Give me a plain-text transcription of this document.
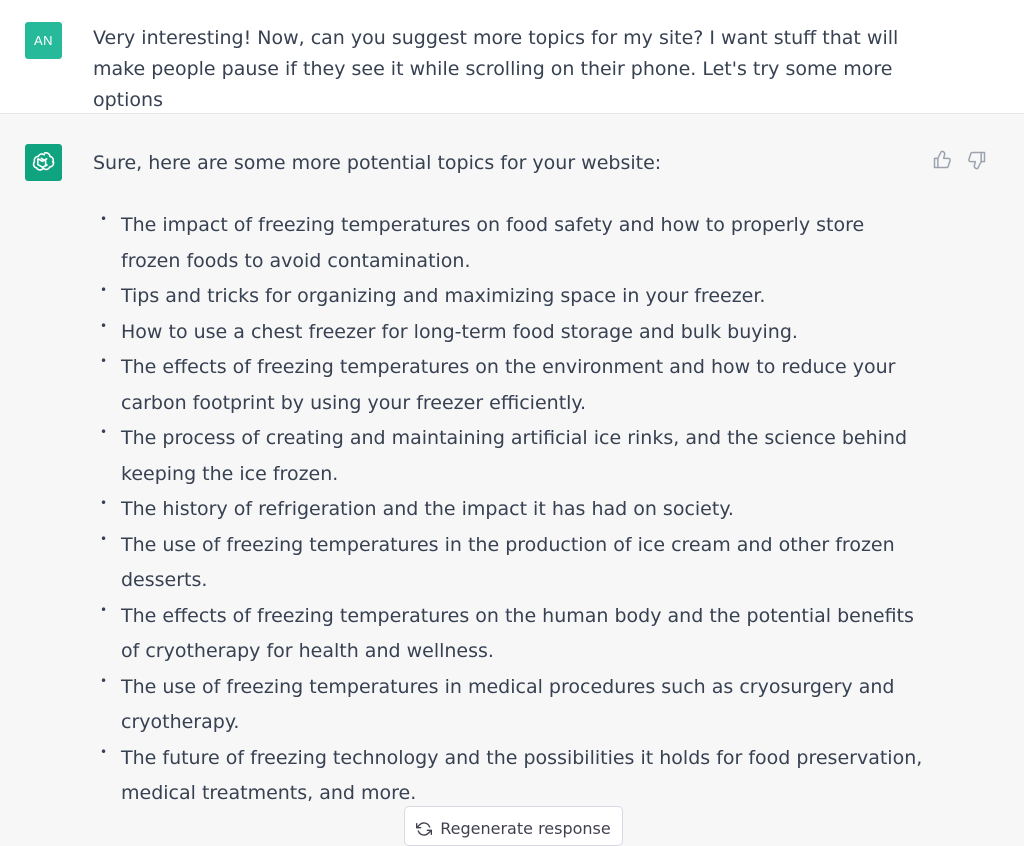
AN	Very interesting! Now, can you suggest more topics for my site? I want stuff that will make people pause if they see it while scrolling on their phone. Let's try some more options
Sure, here are some more potential topics for your website:
• The impact of freezing temperatures on food safety and how to properly store frozen foods to avoid contamination.
• Tips and tricks for organizing and maximizing space in your freezer.
• How to use a chest freezer for long-term food storage and bulk buying.
• The effects of freezing temperatures on the environment and how to reduce your carbon footprint by using your freezer efficiently.
• The process of creating and maintaining artificial ice rinks, and the science behind keeping the ice frozen.
• The history of refrigeration and the impact it has had on society.
• The use of freezing temperatures in the production of ice cream and other frozen desserts.
• The effects of freezing temperatures on the human body and the potential benefits of cryotherapy for health and wellness.
• The use of freezing temperatures in medical procedures such as cryosurgery and cryotherapy.
• The future of freezing technology and the possibilities it holds for food preservation, medical treatments, and more.
Regenerate response
